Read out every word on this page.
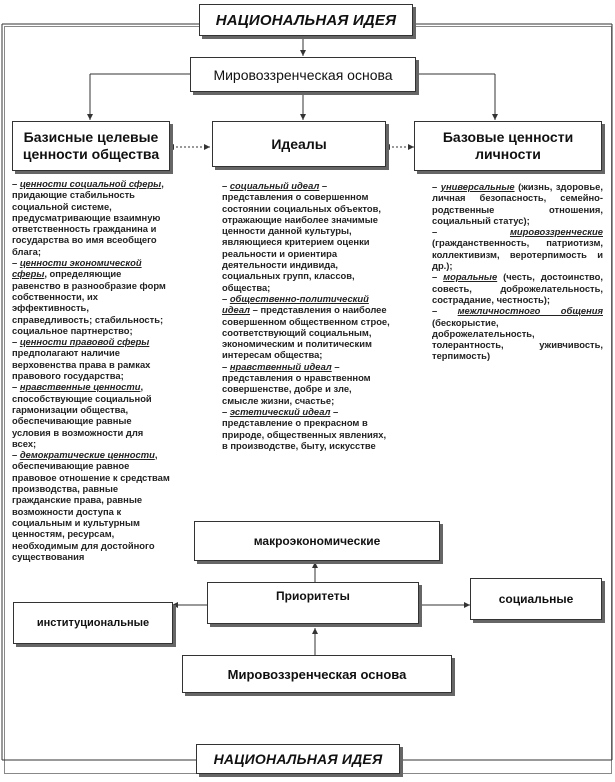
НАЦИОНАЛЬНАЯ ИДЕЯ
Мировоззренческая основа
Базисные целевые ценности общества
Идеалы	Базовые ценности личности

– ценности социальной сферы, придающие стабильность социальной системе, предусматривающие взаимную ответственность гражданина и государства во имя всеобщего блага;

– ценности экономической сферы, определяющие равенство в разнообразие форм собственности, их эффективность, справедливость; стабильность; социальное партнерство;

– ценности правовой сферы предполагают наличие верховенства права в рамках правового государства;

– нравственные ценности, способствующие социальной гармонизации общества, обеспечивающие равные условия в возможности для всех;

– демократические ценности, обеспечивающие равное правовое отношение к средствам производства, равные гражданские права, равные возможности доступа к социальным и культурным ценностям, ресурсам, необходимым для достойного существования

– социальный идеал – представления о совершенном состоянии социальных объектов, отражающие наиболее значимые ценности данной культуры, являющиеся критерием оценки реальности и ориентира деятельности индивида, социальных групп, классов, общества;

– общественно-политический идеал – представления о наиболее совершенном общественном строе, соответствующий социальным, экономическим и политическим интересам общества;

– нравственный идеал – представления о нравственном совершенстве, добре и зле, смысле жизни, счастье;

– эстетический идеал – представление о прекрасном в природе, общественных явлениях, в производстве, быту, искусстве

– универсальные (жизнь, здоровье, личная безопасность, семейно-родственные отношения, социальный статус);

– мировоззренческие (гражданственность, патриотизм, коллективизм, веротерпимость и др.);

– моральные (честь, достоинство, совесть, доброжелательность, сострадание, честность);

– межличностного общения (бескорыстие, доброжелательность, толерантность, уживчивость, терпимость)

макроэкономические
Приоритеты
институциональные
социальные
Мировоззренческая основа
НАЦИОНАЛЬНАЯ ИДЕЯ
